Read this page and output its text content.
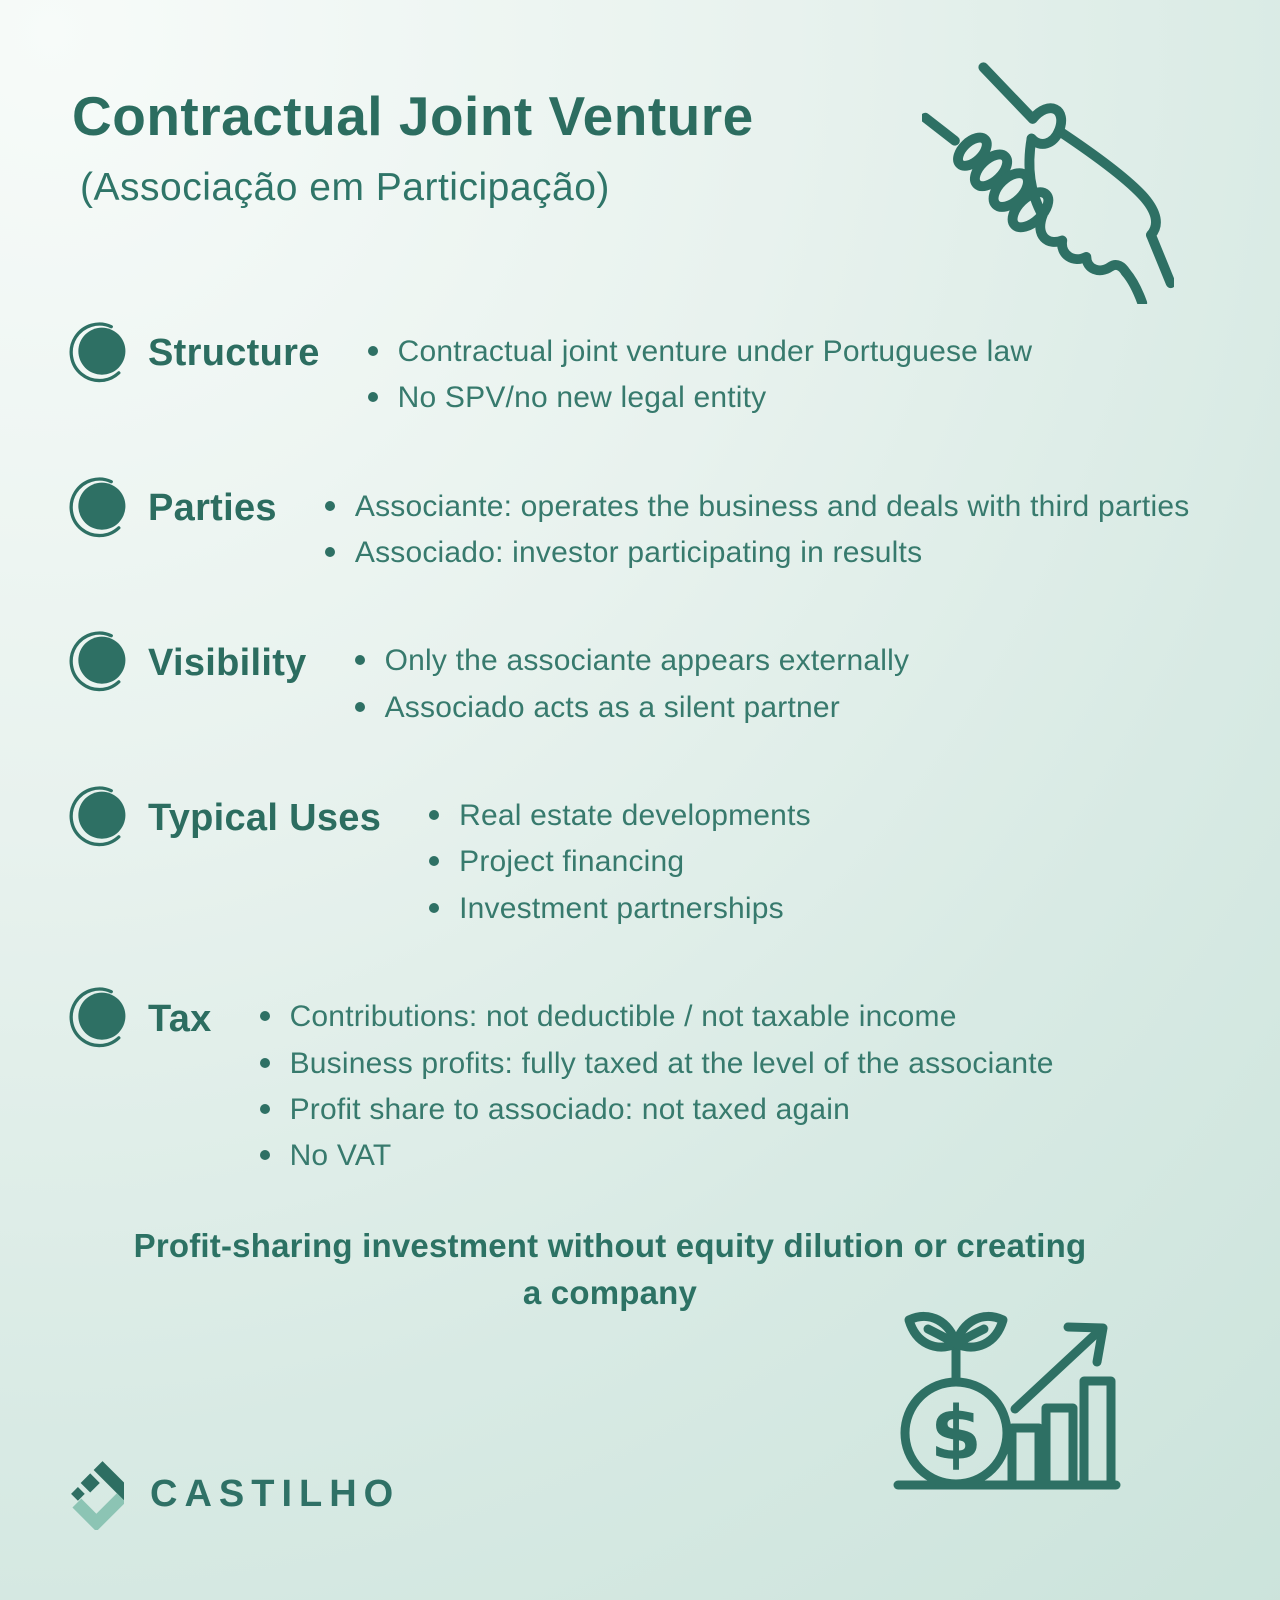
Contractual Joint Venture
(Associação em Participação)
Structure	Contractual joint venture under Portuguese law
No SPV/no new legal entity
Parties	Associante: operates the business and deals with third parties
Associado: investor participating in results
Visibility	Only the associante appears externally
Associado acts as a silent partner
Typical Uses	Real estate developments
Project financing
Investment partnerships
Tax	Contributions: not deductible / not taxable income
Business profits: fully taxed at the level of the associante
Profit share to associado: not taxed again
No VAT
Profit-sharing investment without equity dilution or creating a company
$
CASTILHO
